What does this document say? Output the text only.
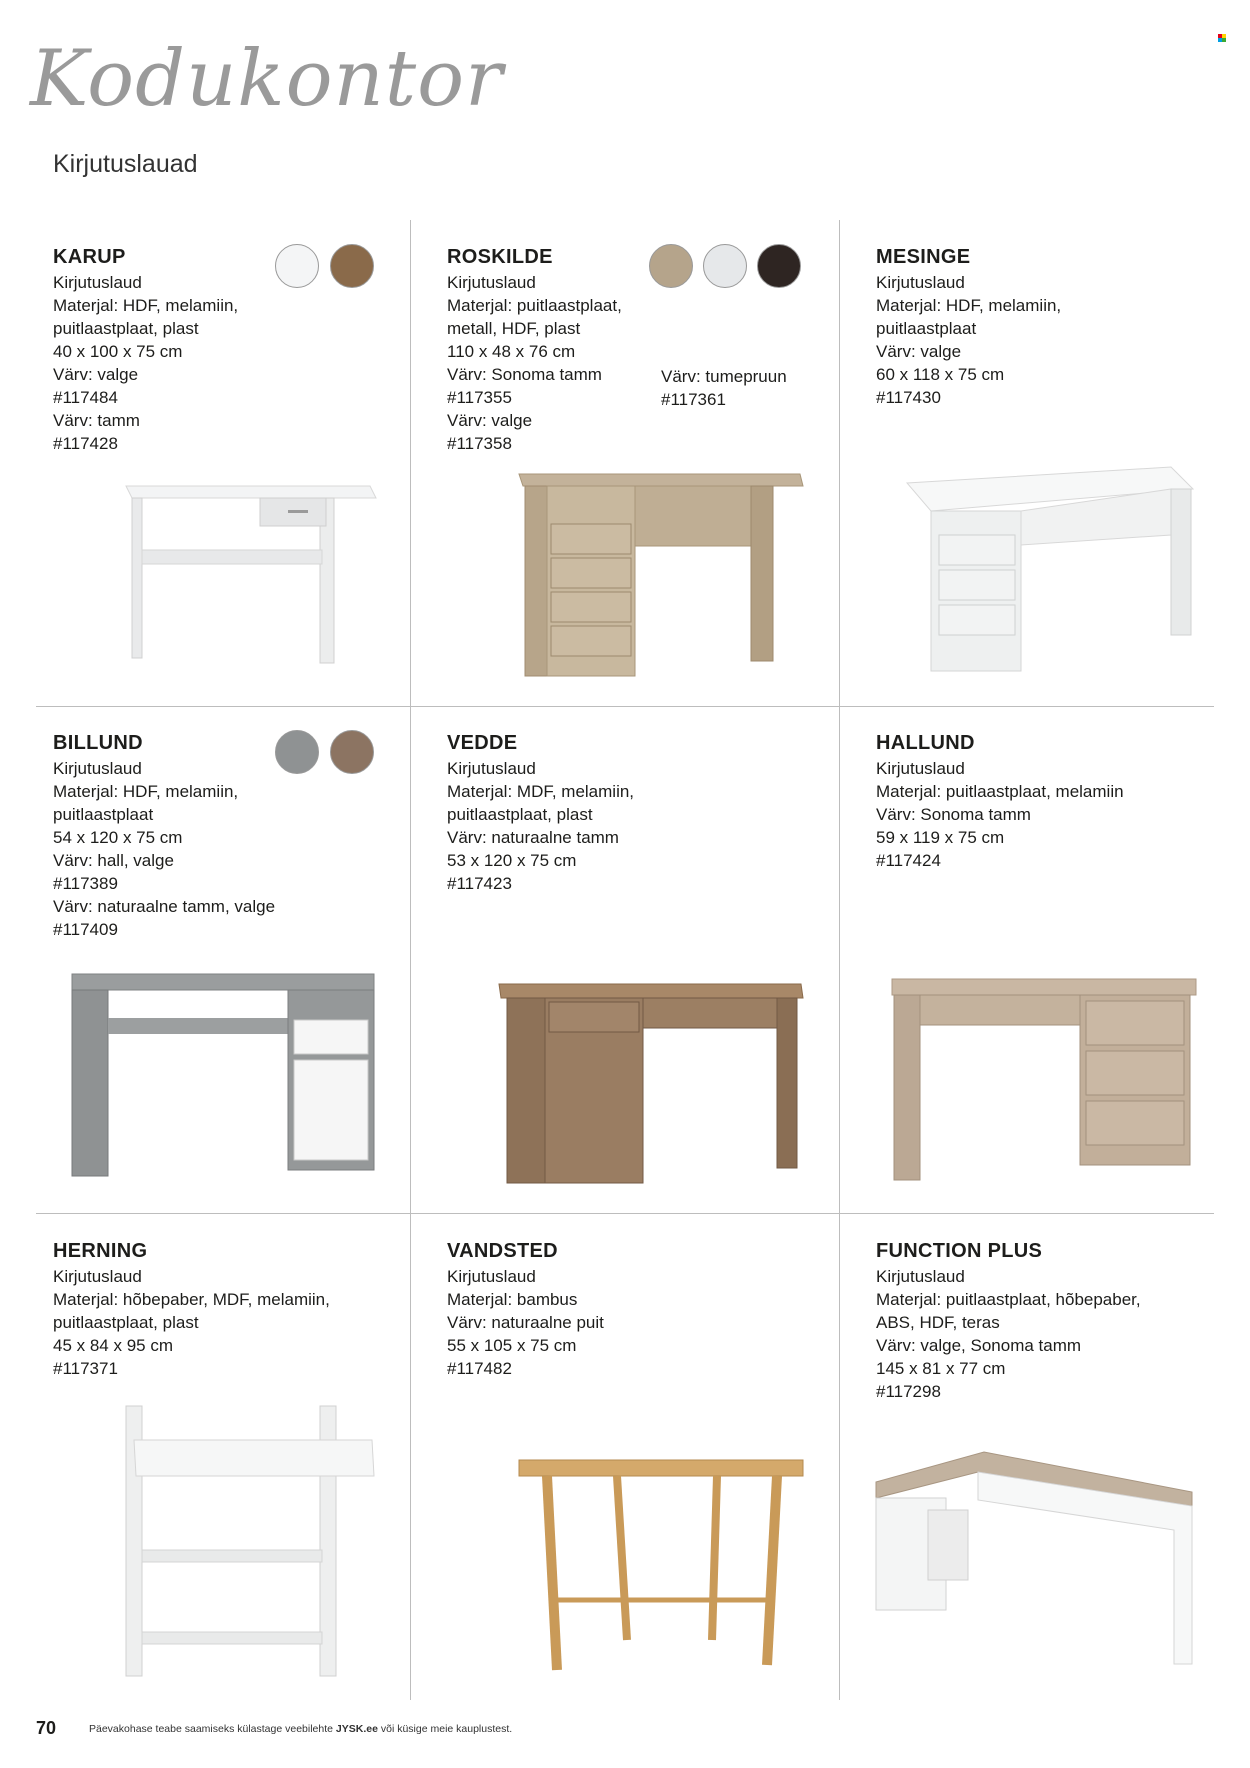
Kodukontor
Kirjutuslauad
KARUP
Kirjutuslaud
Materjal: HDF, melamiin,
puitlaastplaat, plast
40 x 100 x 75 cm
Värv: valge
#117484
Värv: tamm
#117428
ROSKILDE
Kirjutuslaud
Materjal: puitlaastplaat,
metall, HDF, plast
110 x 48 x 76 cm
Värv: Sonoma tamm
#117355
Värv: valge
#117358
Värv: tumepruun
#117361
MESINGE
Kirjutuslaud
Materjal: HDF, melamiin,
puitlaastplaat
Värv: valge
60 x 118 x 75 cm
#117430
BILLUND
Kirjutuslaud
Materjal: HDF, melamiin,
puitlaastplaat
54 x 120 x 75 cm
Värv: hall, valge
#117389
Värv: naturaalne tamm, valge
#117409
VEDDE
Kirjutuslaud
Materjal: MDF, melamiin,
puitlaastplaat, plast
Värv: naturaalne tamm
53 x 120 x 75 cm
#117423
HALLUND
Kirjutuslaud
Materjal: puitlaastplaat, melamiin
Värv: Sonoma tamm
59 x 119 x 75 cm
#117424
HERNING
Kirjutuslaud
Materjal: hõbepaber, MDF, melamiin,
puitlaastplaat, plast
45 x 84 x 95 cm
#117371
VANDSTED
Kirjutuslaud
Materjal: bambus
Värv: naturaalne puit
55 x 105 x 75 cm
#117482
FUNCTION PLUS
Kirjutuslaud
Materjal: puitlaastplaat, hõbepaber,
ABS, HDF, teras
Värv: valge, Sonoma tamm
145 x 81 x 77 cm
#117298
70	Päevakohase teabe saamiseks külastage veebilehte JYSK.ee või küsige meie kauplustest.
